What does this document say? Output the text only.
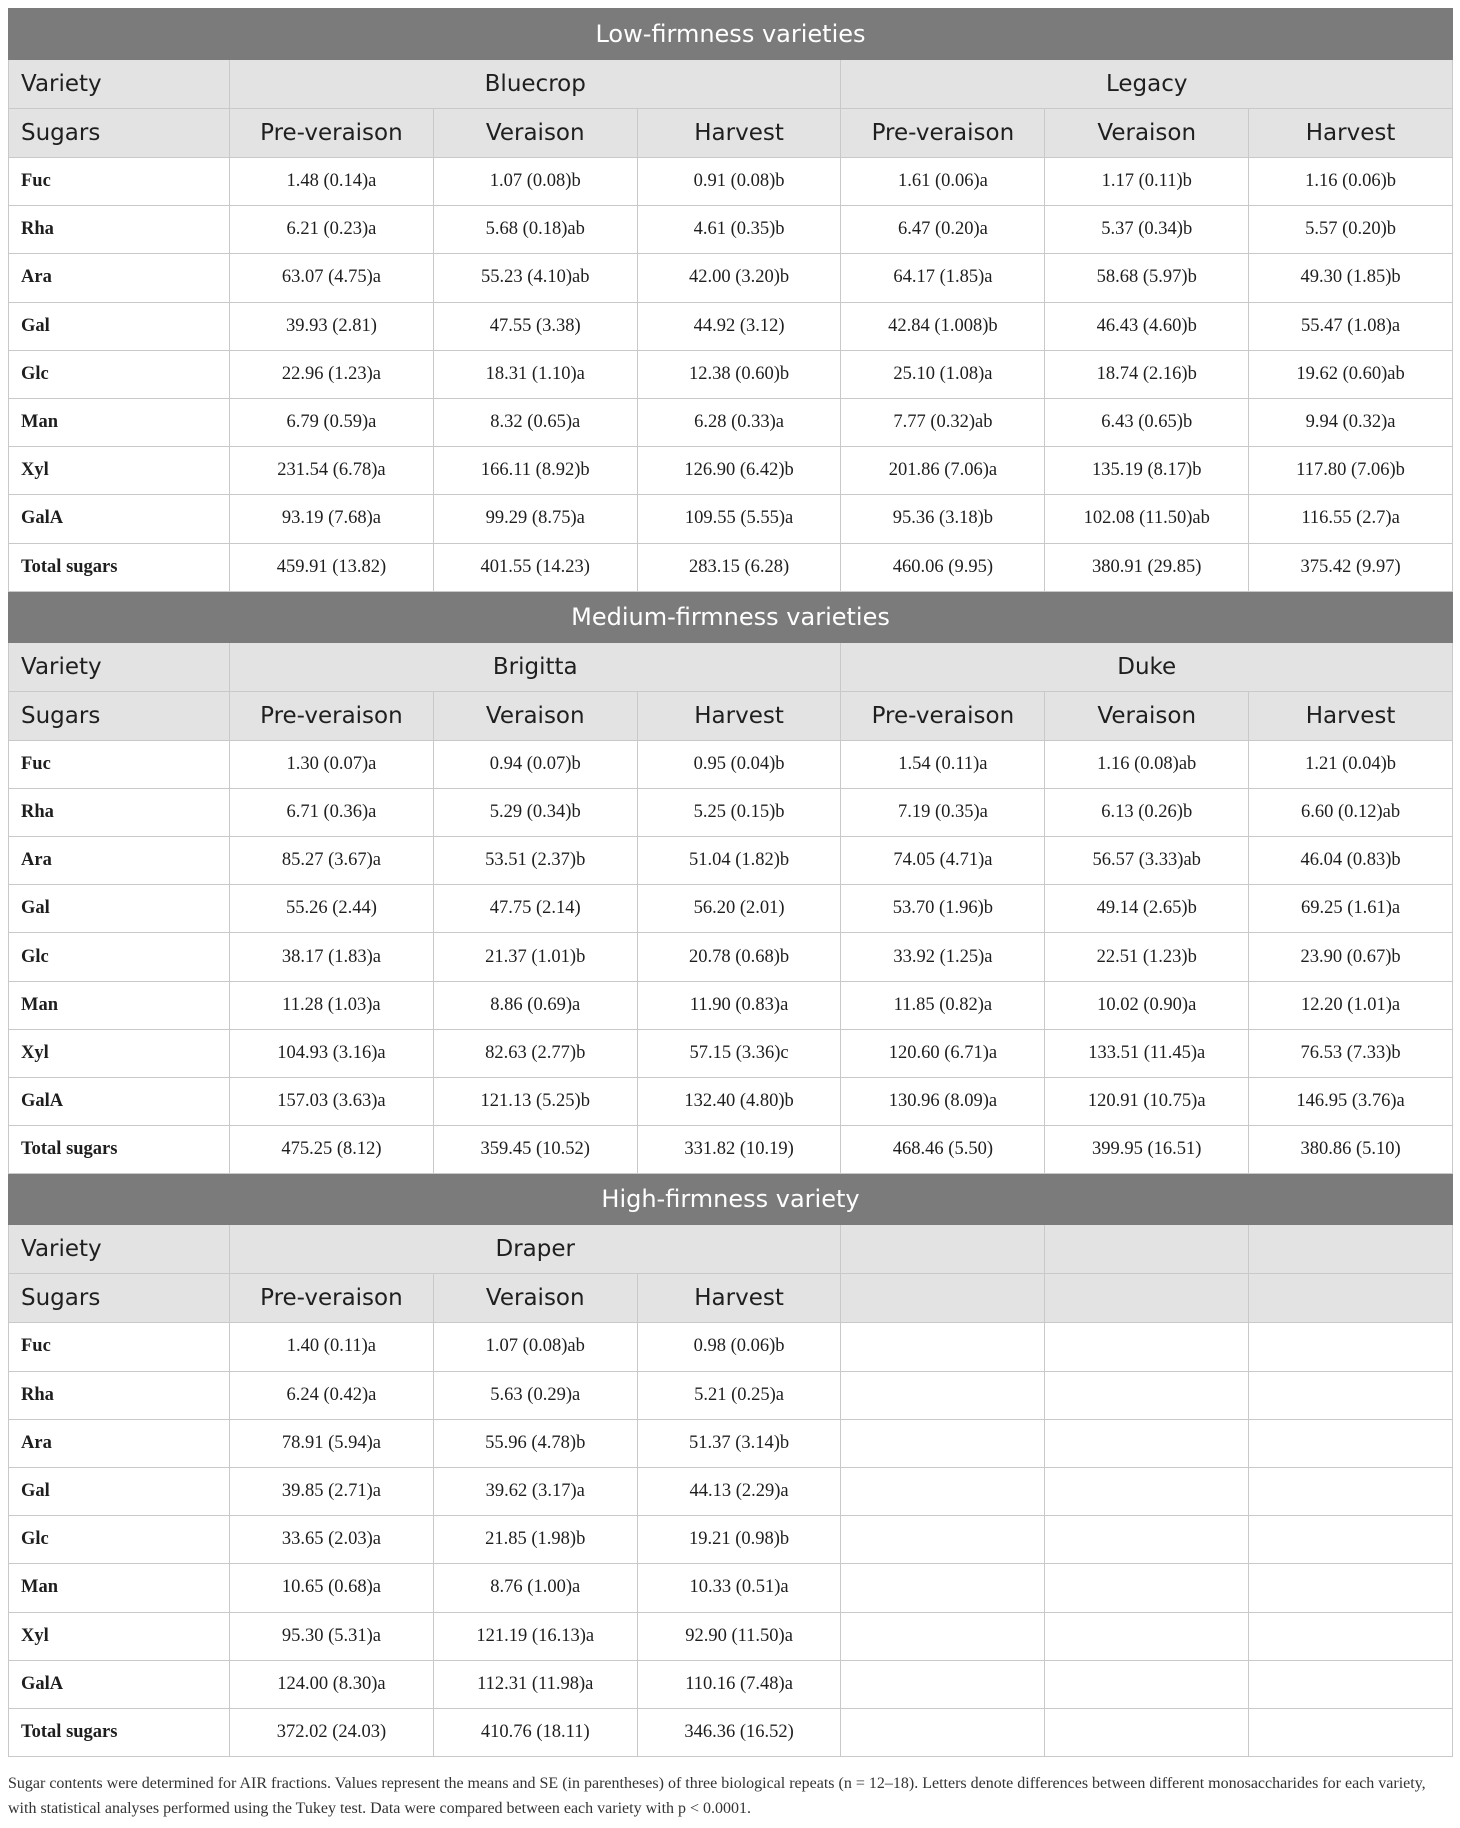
Low-firmness varieties						
Variety	Bluecrop			Legacy		
Sugars	Pre-veraison	Veraison	Harvest	Pre-veraison	Veraison	Harvest
Fuc	1.48 (0.14)a	1.07 (0.08)b	0.91 (0.08)b	1.61 (0.06)a	1.17 (0.11)b	1.16 (0.06)b
Rha	6.21 (0.23)a	5.68 (0.18)ab	4.61 (0.35)b	6.47 (0.20)a	5.37 (0.34)b	5.57 (0.20)b
Ara	63.07 (4.75)a	55.23 (4.10)ab	42.00 (3.20)b	64.17 (1.85)a	58.68 (5.97)b	49.30 (1.85)b
Gal	39.93 (2.81)	47.55 (3.38)	44.92 (3.12)	42.84 (1.008)b	46.43 (4.60)b	55.47 (1.08)a
Glc	22.96 (1.23)a	18.31 (1.10)a	12.38 (0.60)b	25.10 (1.08)a	18.74 (2.16)b	19.62 (0.60)ab
Man	6.79 (0.59)a	8.32 (0.65)a	6.28 (0.33)a	7.77 (0.32)ab	6.43 (0.65)b	9.94 (0.32)a
Xyl	231.54 (6.78)a	166.11 (8.92)b	126.90 (6.42)b	201.86 (7.06)a	135.19 (8.17)b	117.80 (7.06)b
GalA	93.19 (7.68)a	99.29 (8.75)a	109.55 (5.55)a	95.36 (3.18)b	102.08 (11.50)ab	116.55 (2.7)a
Total sugars	459.91 (13.82)	401.55 (14.23)	283.15 (6.28)	460.06 (9.95)	380.91 (29.85)	375.42 (9.97)
Medium-firmness varieties						
Variety	Brigitta			Duke		
Sugars	Pre-veraison	Veraison	Harvest	Pre-veraison	Veraison	Harvest
Fuc	1.30 (0.07)a	0.94 (0.07)b	0.95 (0.04)b	1.54 (0.11)a	1.16 (0.08)ab	1.21 (0.04)b
Rha	6.71 (0.36)a	5.29 (0.34)b	5.25 (0.15)b	7.19 (0.35)a	6.13 (0.26)b	6.60 (0.12)ab
Ara	85.27 (3.67)a	53.51 (2.37)b	51.04 (1.82)b	74.05 (4.71)a	56.57 (3.33)ab	46.04 (0.83)b
Gal	55.26 (2.44)	47.75 (2.14)	56.20 (2.01)	53.70 (1.96)b	49.14 (2.65)b	69.25 (1.61)a
Glc	38.17 (1.83)a	21.37 (1.01)b	20.78 (0.68)b	33.92 (1.25)a	22.51 (1.23)b	23.90 (0.67)b
Man	11.28 (1.03)a	8.86 (0.69)a	11.90 (0.83)a	11.85 (0.82)a	10.02 (0.90)a	12.20 (1.01)a
Xyl	104.93 (3.16)a	82.63 (2.77)b	57.15 (3.36)c	120.60 (6.71)a	133.51 (11.45)a	76.53 (7.33)b
GalA	157.03 (3.63)a	121.13 (5.25)b	132.40 (4.80)b	130.96 (8.09)a	120.91 (10.75)a	146.95 (3.76)a
Total sugars	475.25 (8.12)	359.45 (10.52)	331.82 (10.19)	468.46 (5.50)	399.95 (16.51)	380.86 (5.10)
High-firmness variety						
Variety	Draper					
Sugars	Pre-veraison	Veraison	Harvest			
Fuc	1.40 (0.11)a	1.07 (0.08)ab	0.98 (0.06)b			
Rha	6.24 (0.42)a	5.63 (0.29)a	5.21 (0.25)a			
Ara	78.91 (5.94)a	55.96 (4.78)b	51.37 (3.14)b			
Gal	39.85 (2.71)a	39.62 (3.17)a	44.13 (2.29)a			
Glc	33.65 (2.03)a	21.85 (1.98)b	19.21 (0.98)b			
Man	10.65 (0.68)a	8.76 (1.00)a	10.33 (0.51)a			
Xyl	95.30 (5.31)a	121.19 (16.13)a	92.90 (11.50)a			
GalA	124.00 (8.30)a	112.31 (11.98)a	110.16 (7.48)a			
Total sugars	372.02 (24.03)	410.76 (18.11)	346.36 (16.52)			
Sugar contents were determined for AIR fractions. Values represent the means and SE (in parentheses) of three biological repeats (n = 12–18). Letters denote differences between different monosaccharides for each variety, with statistical analyses performed using the Tukey test. Data were compared between each variety with p < 0.0001.
